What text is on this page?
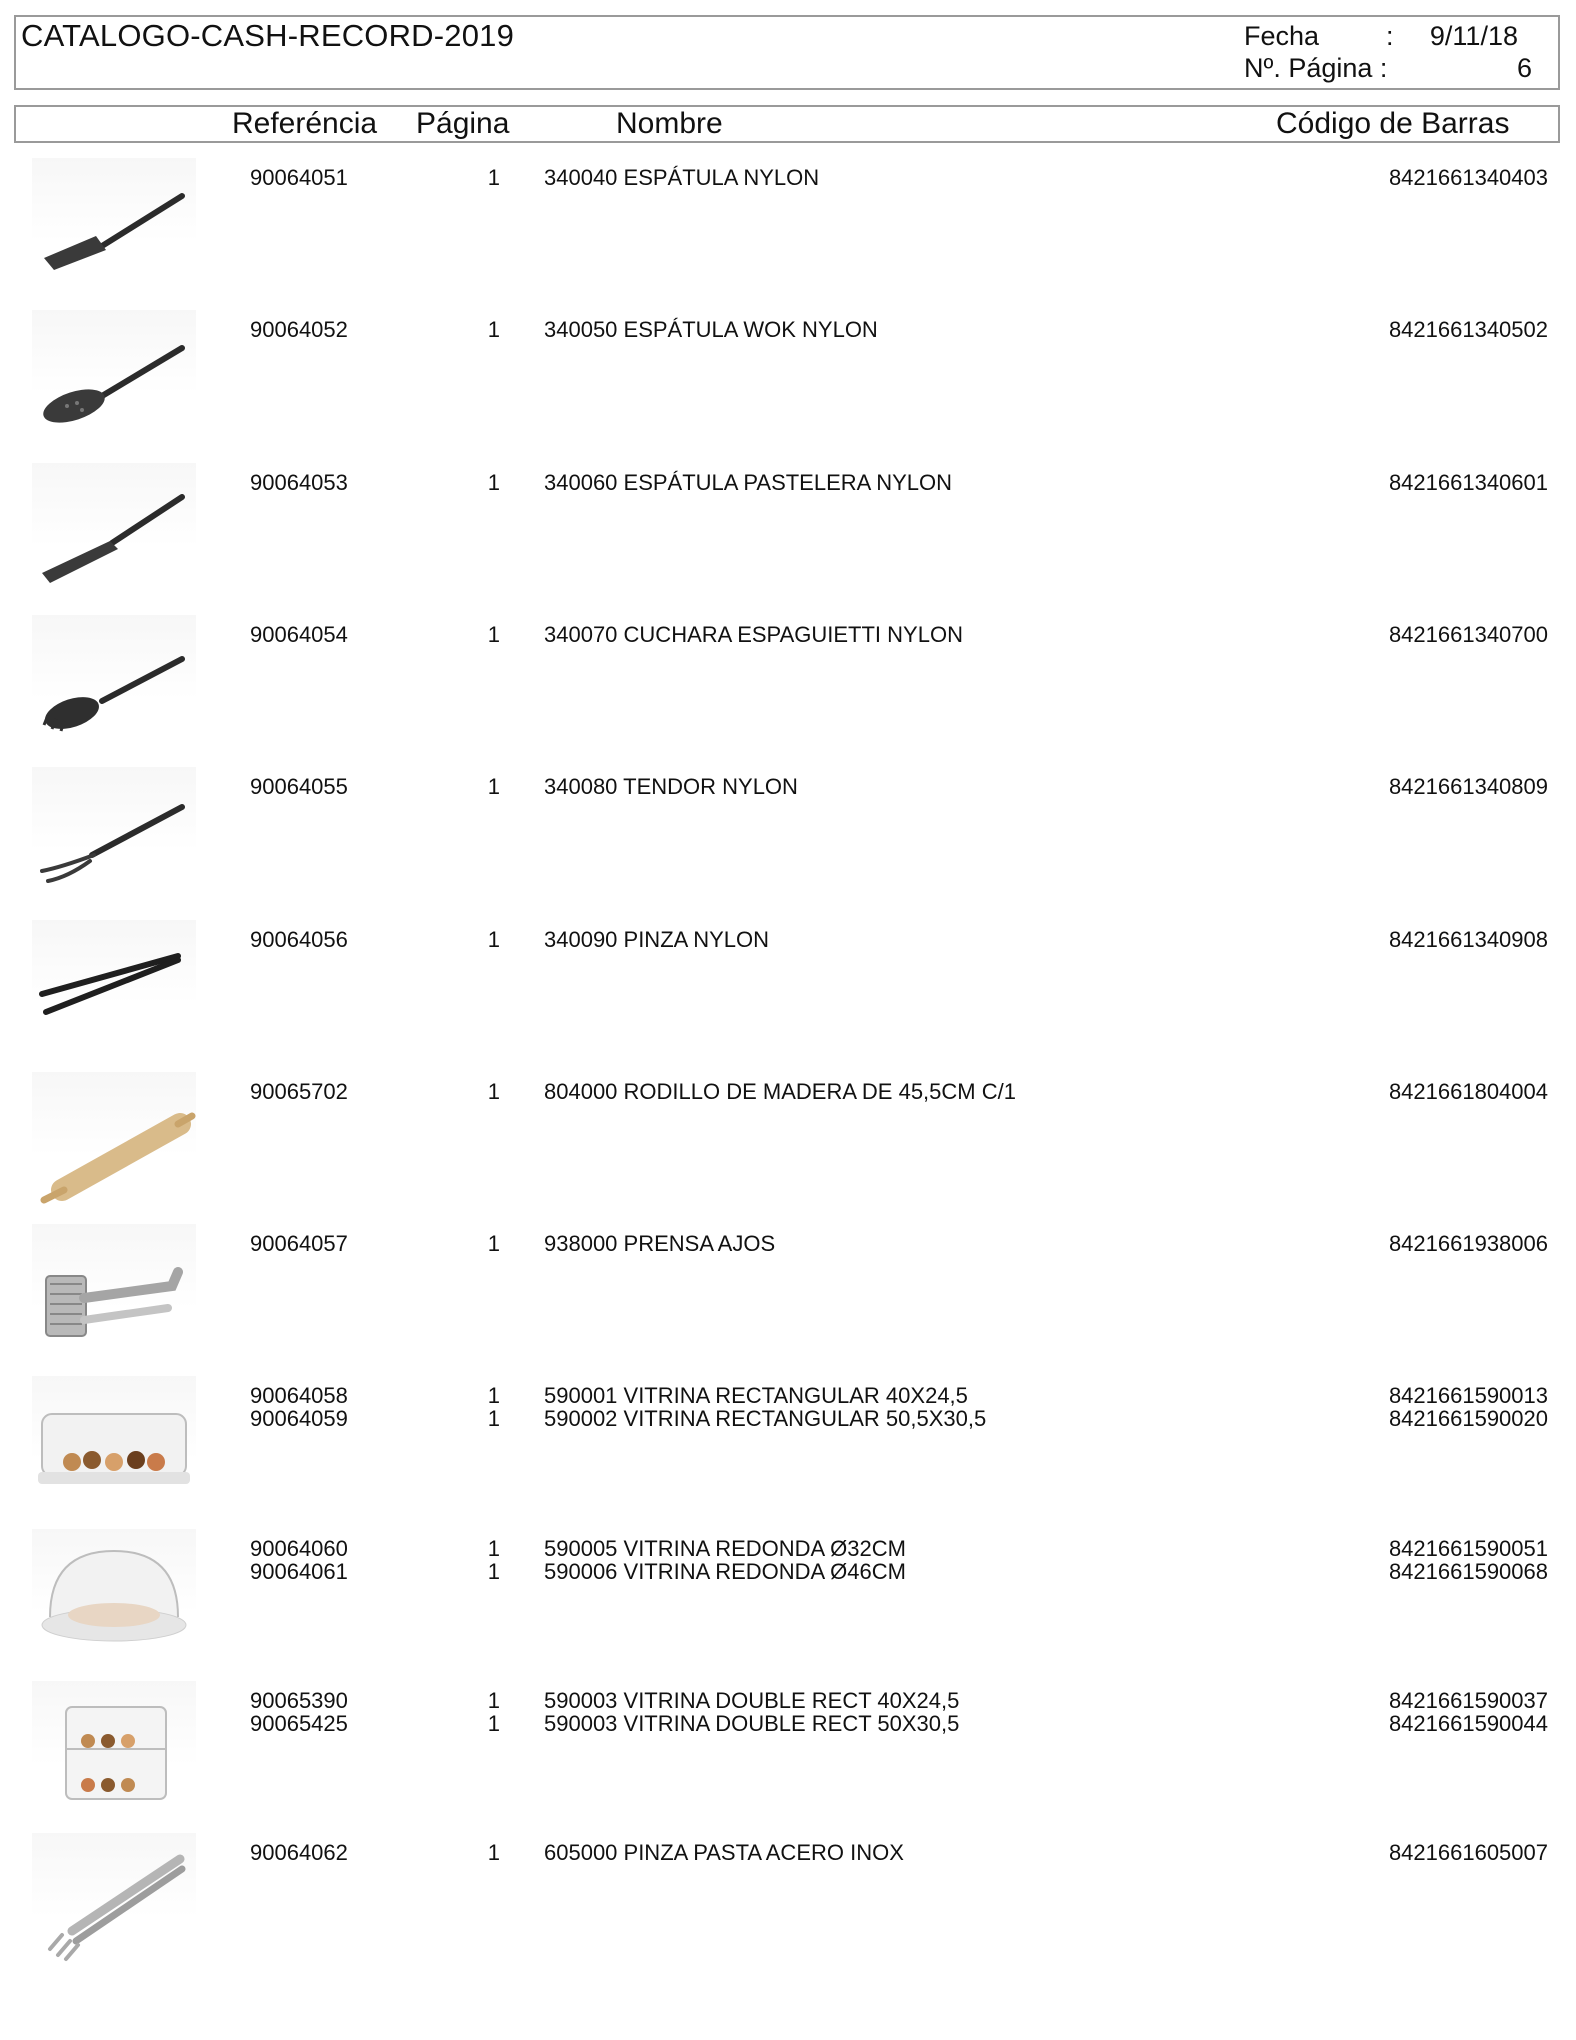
CATALOGO-CASH-RECORD-2019	Fecha :	9/11/18
Nº. Página :	6
Referéncia Página	Nombre	Código de Barras
90064051	1 340040 ESPÁTULA NYLON	8421661340403
90064052	1 340050 ESPÁTULA WOK NYLON	8421661340502
90064053	1 340060 ESPÁTULA PASTELERA NYLON	8421661340601
90064054	1 340070 CUCHARA ESPAGUIETTI NYLON	8421661340700
90064055	1 340080 TENDOR NYLON	8421661340809
90064056	1 340090 PINZA NYLON	8421661340908
90065702	1 804000 RODILLO DE MADERA DE 45,5CM C/1	8421661804004
90064057	1 938000 PRENSA AJOS	8421661938006
90064058	1 590001 VITRINA RECTANGULAR 40X24,5	8421661590013
90064059	1 590002 VITRINA RECTANGULAR 50,5X30,5	8421661590020
90064060	1 590005 VITRINA REDONDA Ø32CM	8421661590051
90064061	1 590006 VITRINA REDONDA Ø46CM	8421661590068
90065390	1 590003 VITRINA DOUBLE RECT 40X24,5	8421661590037
90065425	1 590003 VITRINA DOUBLE RECT 50X30,5	8421661590044
90064062	1 605000 PINZA PASTA ACERO INOX	8421661605007
